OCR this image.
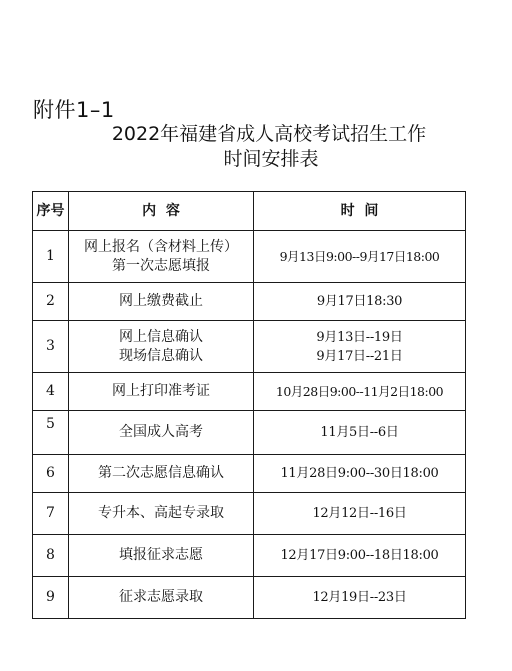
附件1–1
2022年福建省成人高校考试招生工作
时间安排表
序号	内  容	时  间
1	网上报名（含材料上传）
第一次志愿填报	9月13日9:00--9月17日18:00

2	网上缴费截止	9月17日18:30

3	网上信息确认
现场信息确认	9月13日--19日
9月17日--21日

4	网上打印准考证	10月28日9:00--11月2日18:00

5	全国成人高考	11月5日--6日

6	第二次志愿信息确认	11月28日9:00--30日18:00

7	专升本、高起专录取	12月12日--16日

8	填报征求志愿	12月17日9:00--18日18:00

9	征求志愿录取	12月19日--23日
